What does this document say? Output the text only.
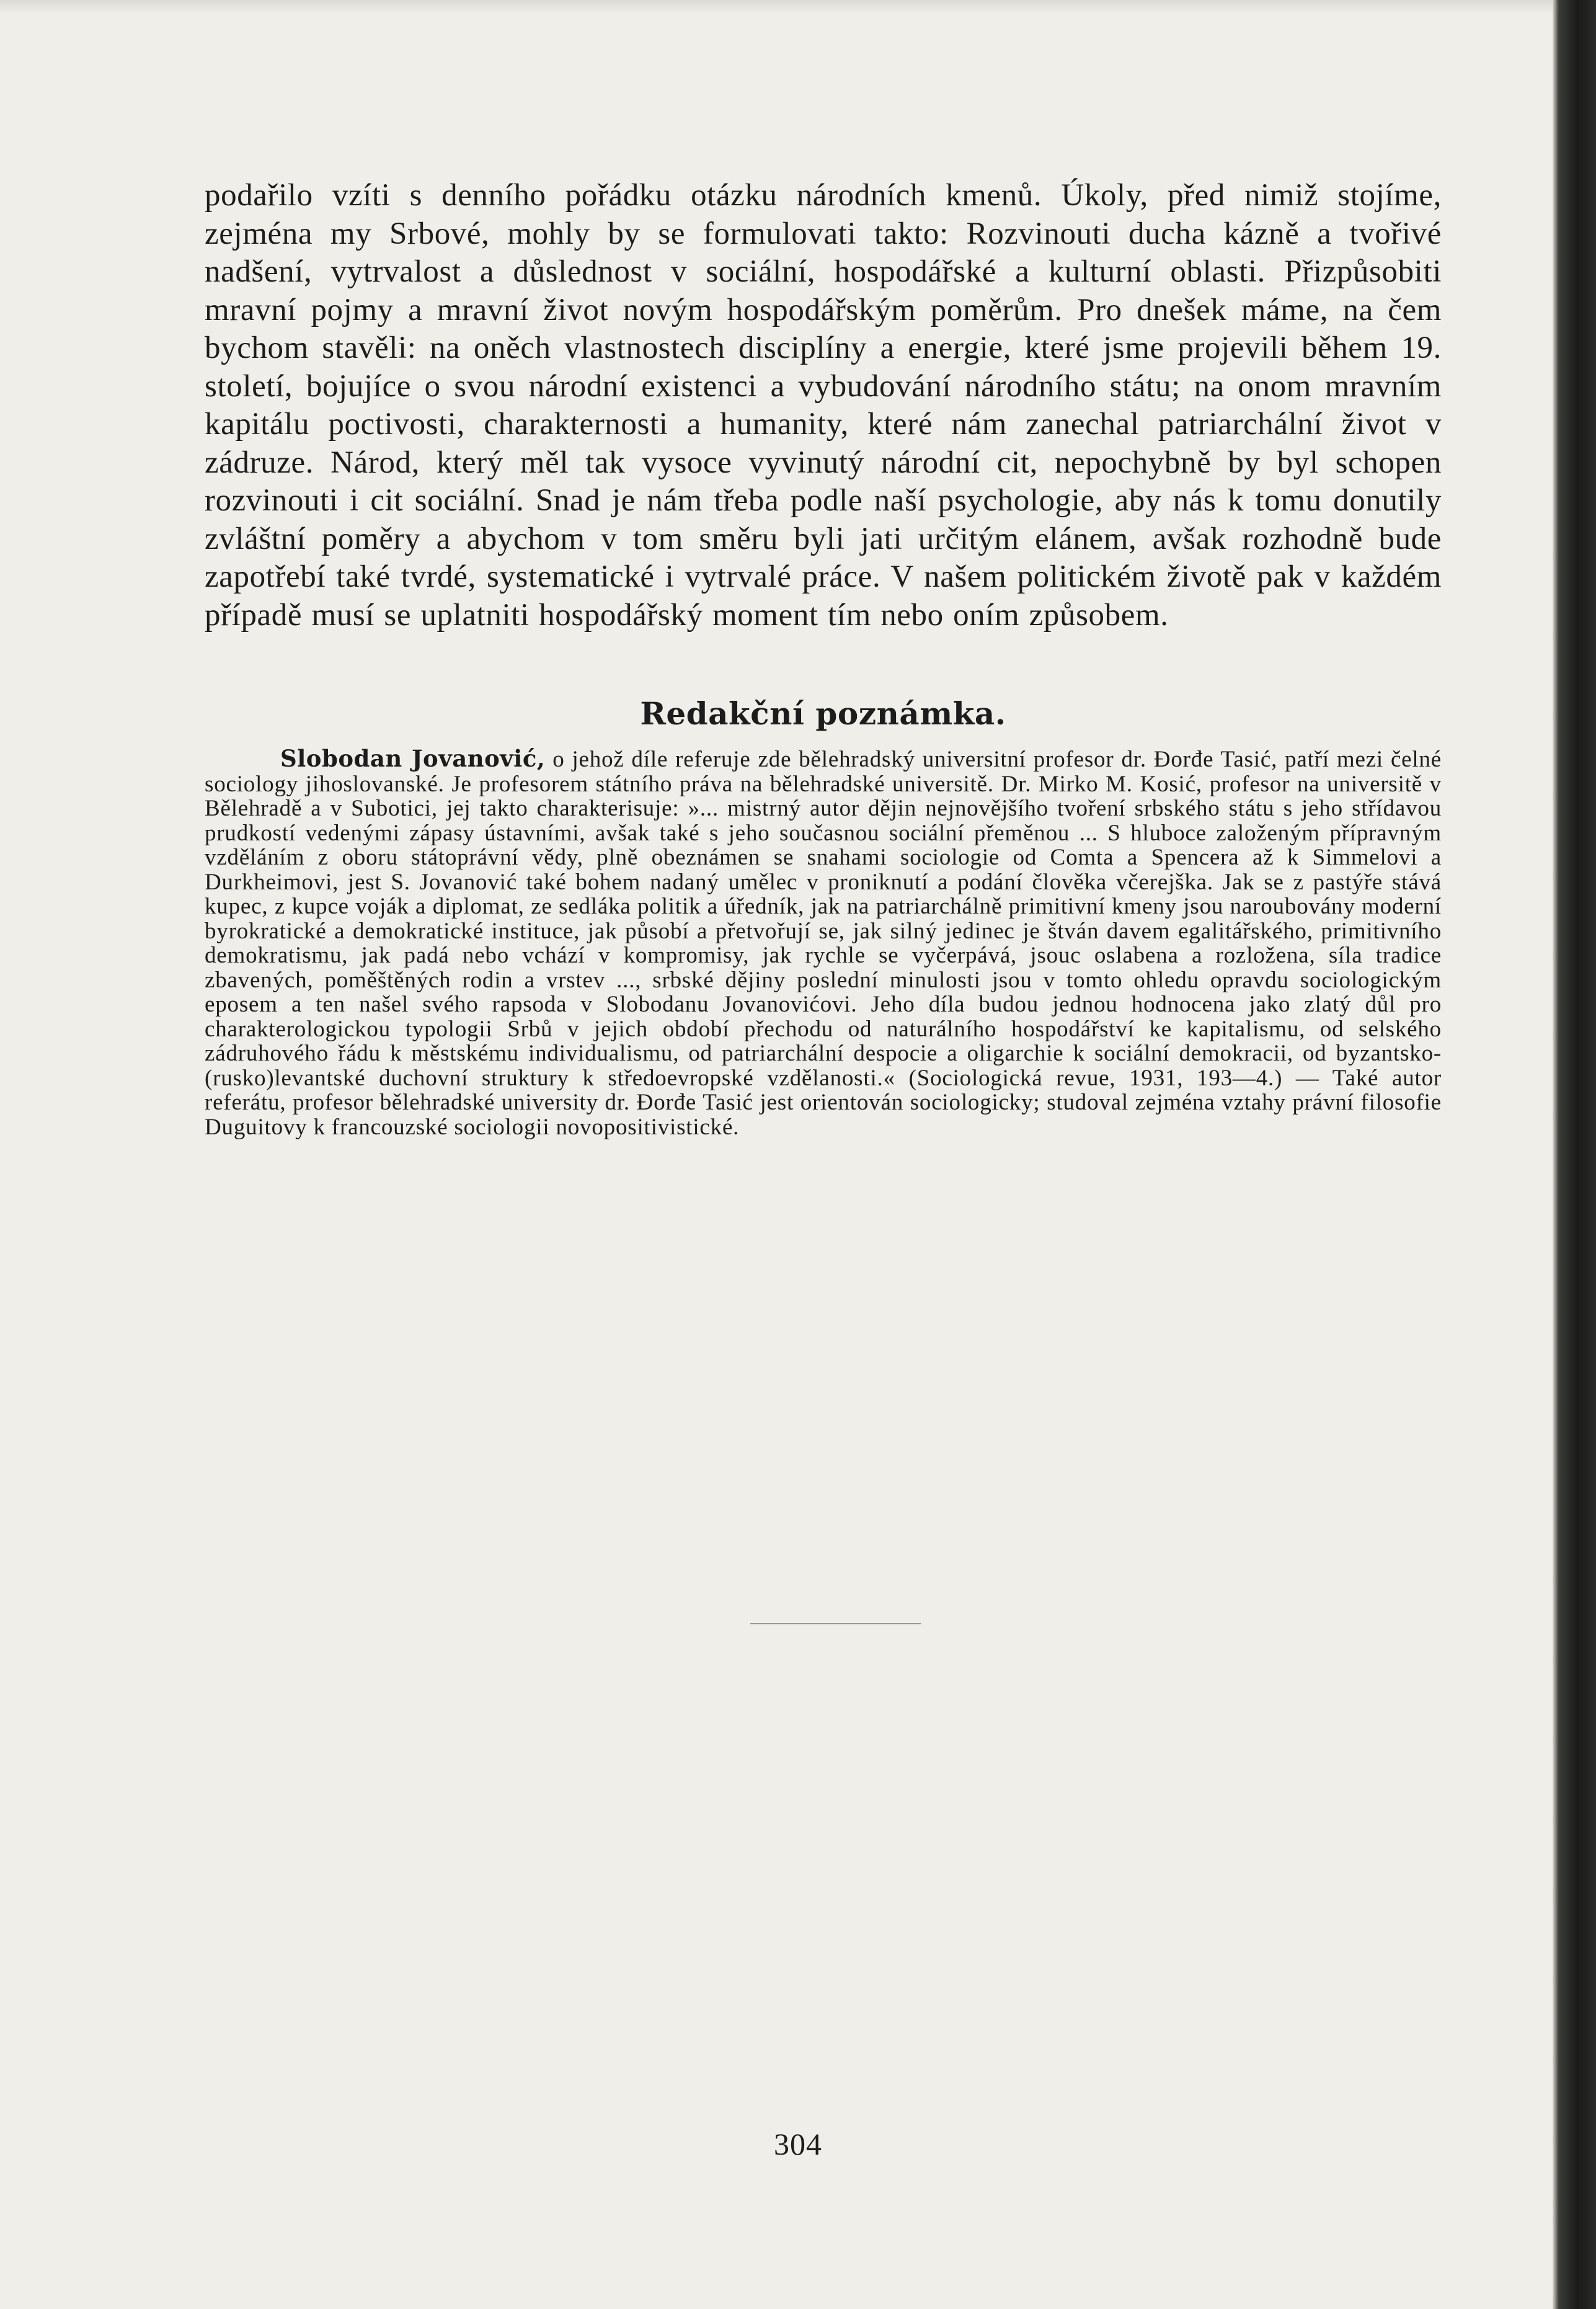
podařilo vzíti s denního pořádku otázku národních kmenů. Úkoly, před nimiž stojíme, zejména my Srbové, mohly by se formulovati takto: Rozvinouti ducha kázně a tvořivé nadšení, vytrvalost a důslednost v sociální, hospodářské a kulturní oblasti. Přizpůsobiti mravní pojmy a mravní život novým hospodářským poměrům. Pro dnešek máme, na čem bychom stavěli: na oněch vlastnostech disciplíny a energie, které jsme projevili během 19. století, bojujíce o svou národní existenci a vybudování národního státu; na onom mravním kapitálu poctivosti, charakternosti a humanity, které nám zanechal patriarchální život v zádruze. Národ, který měl tak vysoce vyvinutý národní cit, nepochybně by byl schopen rozvinouti i cit sociální. Snad je nám třeba podle naší psychologie, aby nás k tomu donutily zvláštní poměry a abychom v tom směru byli jati určitým elánem, avšak rozhodně bude zapotřebí také tvrdé, systematické i vytrvalé práce. V našem politickém životě pak v každém případě musí se uplatniti hospodářský moment tím nebo oním způsobem.

Redakční poznámka.

Slobodan Jovanović, o jehož díle referuje zde bělehradský universitní profesor dr. Đorđe Tasić, patří mezi čelné sociology jihoslovanské. Je profesorem státního práva na bělehradské universitě. Dr. Mirko M. Kosić, profesor na universitě v Bělehradě a v Subotici, jej takto charakterisuje: »... mistrný autor dějin nejnovějšího tvoření srbského státu s jeho střídavou prudkostí vedenými zápasy ústavními, avšak také s jeho současnou sociální přeměnou ... S hluboce založeným přípravným vzděláním z oboru státoprávní vědy, plně obeznámen se snahami sociologie od Comta a Spencera až k Simmelovi a Durkheimovi, jest S. Jovanović také bohem nadaný umělec v proniknutí a podání člověka včerejška. Jak se z pastýře stává kupec, z kupce voják a diplomat, ze sedláka politik a úředník, jak na patriarchálně primitivní kmeny jsou naroubovány moderní byrokratické a demokratické instituce, jak působí a přetvořují se, jak silný jedinec je štván davem egalitářského, primitivního demokratismu, jak padá nebo vchází v kompromisy, jak rychle se vyčerpává, jsouc oslabena a rozložena, síla tradice zbavených, poměštěných rodin a vrstev ..., srbské dějiny poslední minulosti jsou v tomto ohledu opravdu sociologickým eposem a ten našel svého rapsoda v Slobodanu Jovanovićovi. Jeho díla budou jednou hodnocena jako zlatý důl pro charakterologickou typologii Srbů v jejich období přechodu od naturálního hospodářství ke kapitalismu, od selského zádruhového řádu k městskému individualismu, od patriarchální despocie a oligarchie k sociální demokracii, od byzantsko-(rusko)levantské duchovní struktury k středoevropské vzdělanosti.« (Sociologická revue, 1931, 193—4.) — Také autor referátu, profesor bělehradské university dr. Đorđe Tasić jest orientován sociologicky; studoval zejména vztahy právní filosofie Duguitovy k francouzské sociologii novopositivistické.

304
